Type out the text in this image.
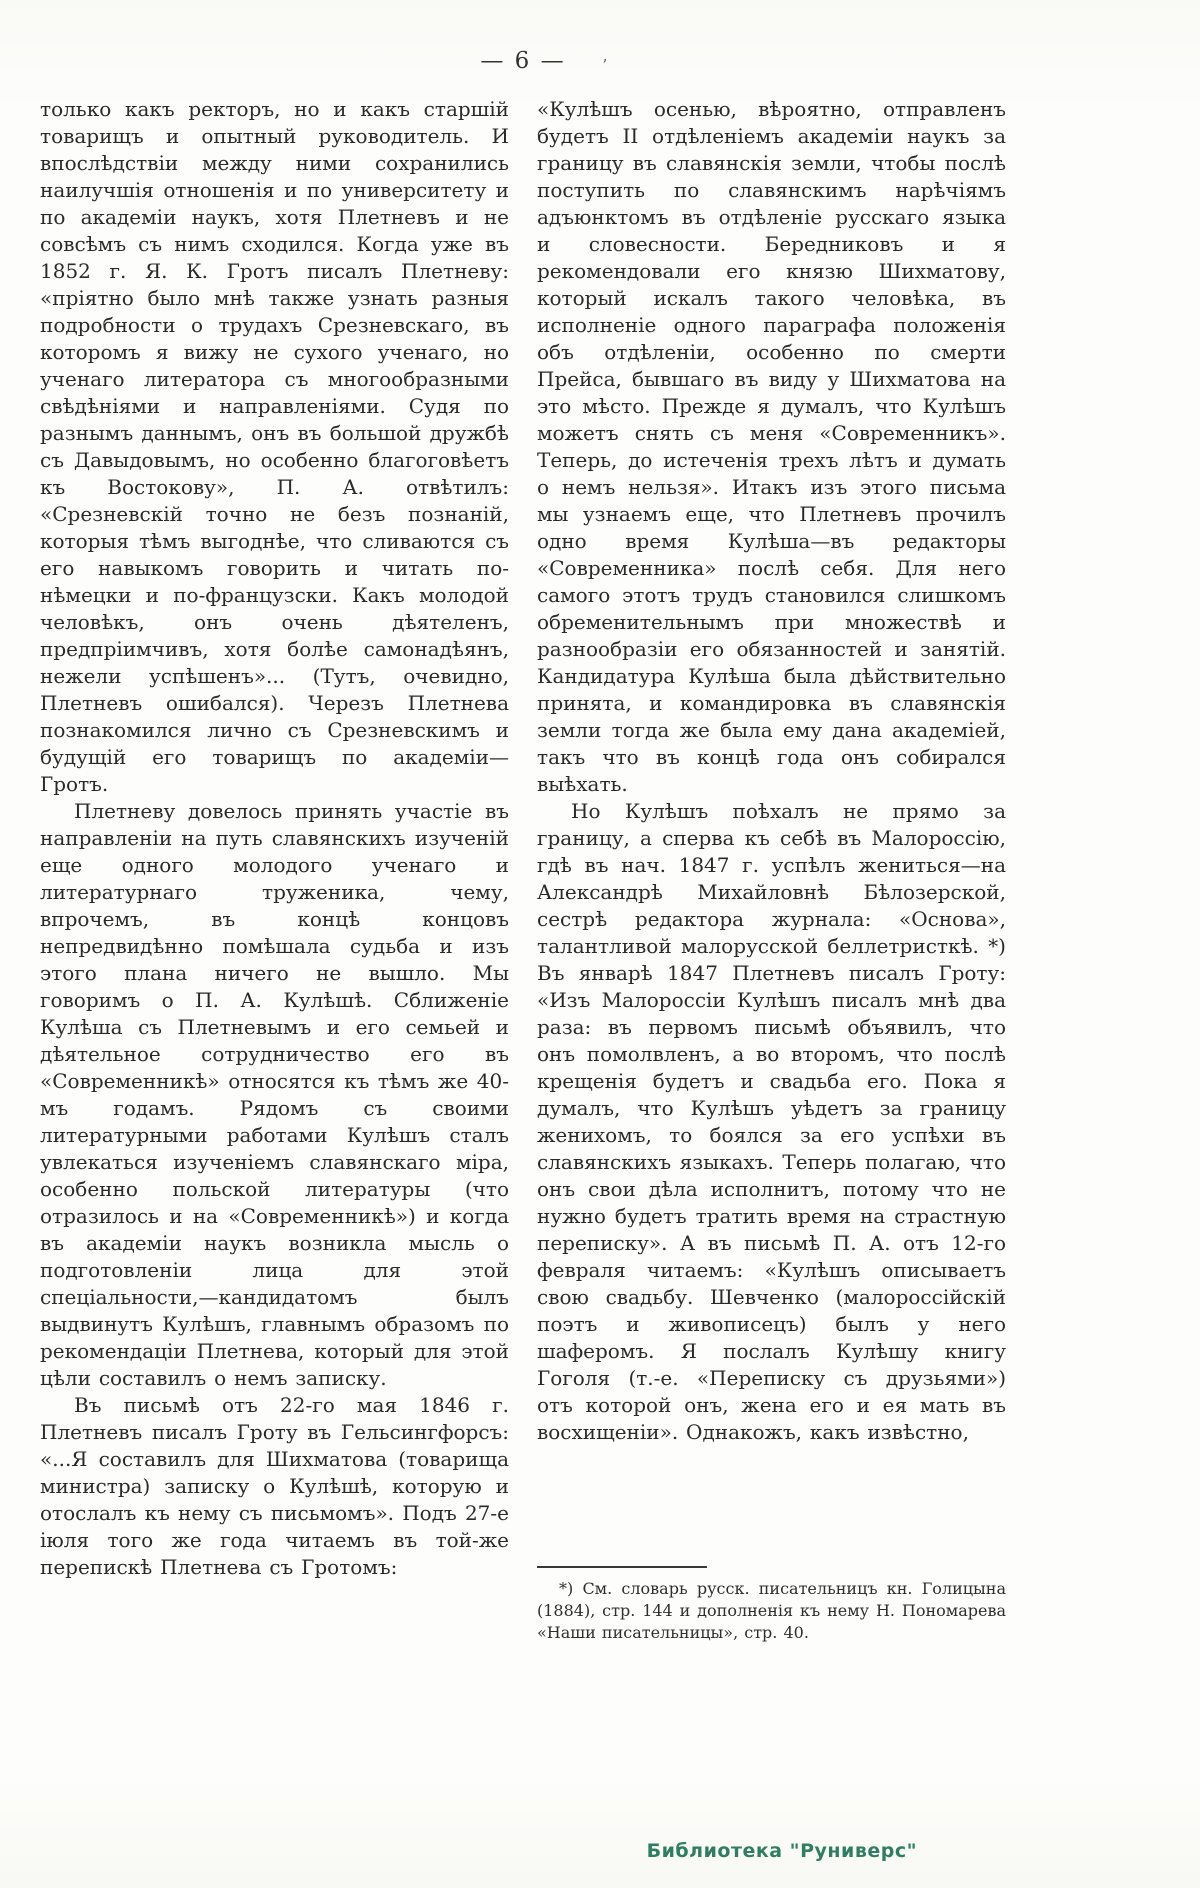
— 6 —	ʼ

только какъ ректоръ, но и какъ старшій товарищъ и опытный руководитель. И впослѣдствіи между ними сохранились наилучшія отношенія и по университету и по академіи наукъ, хотя Плетневъ и не совсѣмъ съ нимъ сходился. Когда уже въ 1852 г. Я. К. Гротъ писалъ Плетневу: «пріятно было мнѣ также узнать разныя подробности о трудахъ Срезневскаго, въ которомъ я вижу не сухого ученаго, но ученаго литератора съ многообразными свѣдѣніями и направленіями. Судя по разнымъ даннымъ, онъ въ большой дружбѣ съ Давыдовымъ, но особенно благоговѣетъ къ Востокову», П. А. отвѣтилъ: «Срезневскій точно не безъ познаній, которыя тѣмъ выгоднѣе, что сливаются съ его навыкомъ говорить и читать по-нѣмецки и по-французски. Какъ молодой человѣкъ, онъ очень дѣятеленъ, предпріимчивъ, хотя болѣе самонадѣянъ, нежели успѣшенъ»... (Тутъ, очевидно, Плетневъ ошибался). Черезъ Плетнева познакомился лично съ Срезневскимъ и будущій его товарищъ по академіи— Гротъ.

Плетневу довелось принять участіе въ направленіи на путь славянскихъ изученій еще одного молодого ученаго и литературнаго труженика, чему, впрочемъ, въ концѣ концовъ непредвидѣнно помѣшала судьба и изъ этого плана ничего не вышло. Мы говоримъ о П. А. Кулѣшѣ. Сближеніе Кулѣша съ Плетневымъ и его семьей и дѣятельное сотрудничество его въ «Современникѣ» относятся къ тѣмъ же 40-мъ годамъ. Рядомъ съ своими литературными работами Кулѣшъ сталъ увлекаться изученіемъ славянскаго міра, особенно польской литературы (что отразилось и на «Современникѣ») и когда въ академіи наукъ возникла мысль о подготовленіи лица для этой спеціальности,—кандидатомъ былъ выдвинутъ Кулѣшъ, главнымъ образомъ по рекомендаціи Плетнева, который для этой цѣли составилъ о немъ записку.

Въ письмѣ отъ 22-го мая 1846 г. Плетневъ писалъ Гроту въ Гельсингфорсъ: «...Я составилъ для Шихматова (товарища министра) записку о Кулѣшѣ, которую и отослалъ къ нему съ письмомъ». Подъ 27-е іюля того же года читаемъ въ той-же перепискѣ Плетнева съ Гротомъ:

«Кулѣшъ осенью, вѣроятно, отправленъ будетъ II отдѣленіемъ академіи наукъ за границу въ славянскія земли, чтобы послѣ поступить по славянскимъ нарѣчіямъ адъюнктомъ въ отдѣленіе русскаго языка и словесности. Бередниковъ и я рекомендовали его князю Шихматову, который искалъ такого человѣка, въ исполненіе одного параграфа положенія объ отдѣленіи, особенно по смерти Прейса, бывшаго въ виду у Шихматова на это мѣсто. Прежде я думалъ, что Кулѣшъ можетъ снять съ меня «Современникъ». Теперь, до истеченія трехъ лѣтъ и думать о немъ нельзя». Итакъ изъ этого письма мы узнаемъ еще, что Плетневъ прочилъ одно время Кулѣша—въ редакторы «Современника» послѣ себя. Для него самого этотъ трудъ становился слишкомъ обременительнымъ при множествѣ и разнообразіи его обязанностей и занятій. Кандидатура Кулѣша была дѣйствительно принята, и командировка въ славянскія земли тогда же была ему дана академіей, такъ что въ концѣ года онъ собирался выѣхать.

Но Кулѣшъ поѣхалъ не прямо за границу, а сперва къ себѣ въ Малороссію, гдѣ въ нач. 1847 г. успѣлъ жениться—на Александрѣ Михайловнѣ Бѣлозерской, сестрѣ редактора журнала: «Основа», талантливой малорусской беллетристкѣ. *) Въ январѣ 1847 Плетневъ писалъ Гроту: «Изъ Малороссіи Кулѣшъ писалъ мнѣ два раза: въ первомъ письмѣ объявилъ, что онъ помолвленъ, а во второмъ, что послѣ крещенія будетъ и свадьба его. Пока я думалъ, что Кулѣшъ уѣдетъ за границу женихомъ, то боялся за его успѣхи въ славянскихъ языкахъ. Теперь полагаю, что онъ свои дѣла исполнитъ, потому что не нужно будетъ тратить время на страстную переписку». А въ письмѣ П. А. отъ 12-го февраля читаемъ: «Кулѣшъ описываетъ свою свадьбу. Шевченко (малороссійскій поэтъ и живописецъ) былъ у него шаферомъ. Я послалъ Кулѣшу книгу Гоголя (т.-е. «Переписку съ друзьями») отъ которой онъ, жена его и ея мать въ восхищеніи». Однакожъ, какъ извѣстно,

*) См. словарь русск. писательницъ кн. Голицына (1884), стр. 144 и дополненія къ нему Н. Пономарева «Наши писательницы», стр. 40.

Библиотека "Руниверс"
